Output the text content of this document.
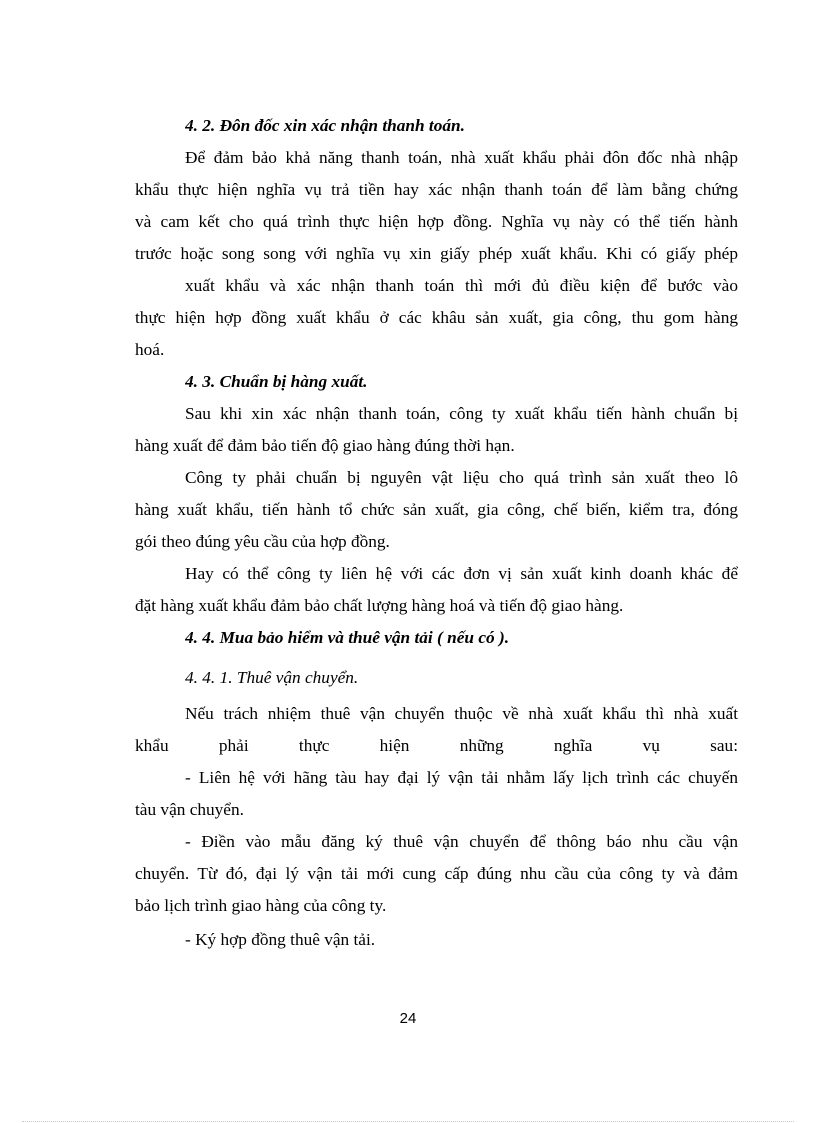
4. 2. Đôn đốc xin xác nhận thanh toán.
Để đảm bảo khả năng thanh toán, nhà xuất khẩu phải đôn đốc nhà nhập
khẩu thực hiện nghĩa vụ trả tiền hay xác nhận thanh toán để làm bằng chứng
và cam kết cho quá trình thực hiện hợp đồng. Nghĩa vụ này có thể tiến hành
trước hoặc song song với nghĩa vụ xin giấy phép xuất khẩu. Khi có giấy phép
xuất khẩu và xác nhận thanh toán thì mới đủ điều kiện để bước vào
thực hiện hợp đồng xuất khẩu ở các khâu sản xuất, gia công, thu gom hàng
hoá.
4. 3. Chuẩn bị hàng xuất.
Sau khi xin xác nhận thanh toán, công ty xuất khẩu tiến hành chuẩn bị
hàng xuất để đảm bảo tiến độ giao hàng đúng thời hạn.
Công ty phải chuẩn bị nguyên vật liệu cho quá trình sản xuất theo lô
hàng xuất khẩu, tiến hành tổ chức sản xuất, gia công, chế biến, kiểm tra, đóng
gói theo đúng yêu cầu của hợp đồng.
Hay có thể công ty liên hệ với các đơn vị sản xuất kinh doanh khác để
đặt hàng xuất khẩu đảm bảo chất lượng hàng hoá và tiến độ giao hàng.
4. 4. Mua bảo hiểm và thuê vận tải ( nếu có ).
4. 4. 1. Thuê vận chuyển.
Nếu trách nhiệm thuê vận chuyển thuộc về nhà xuất khẩu thì nhà xuất
khẩu phải thực hiện những nghĩa vụ sau:
- Liên hệ với hãng tàu hay đại lý vận tải nhằm lấy lịch trình các chuyến
tàu vận chuyển.
- Điền vào mẫu đăng ký thuê vận chuyển để thông báo nhu cầu vận
chuyển. Từ đó, đại lý vận tải mới cung cấp đúng nhu cầu của công ty và đảm
bảo lịch trình giao hàng của công ty.
- Ký hợp đồng thuê vận tải.
24
